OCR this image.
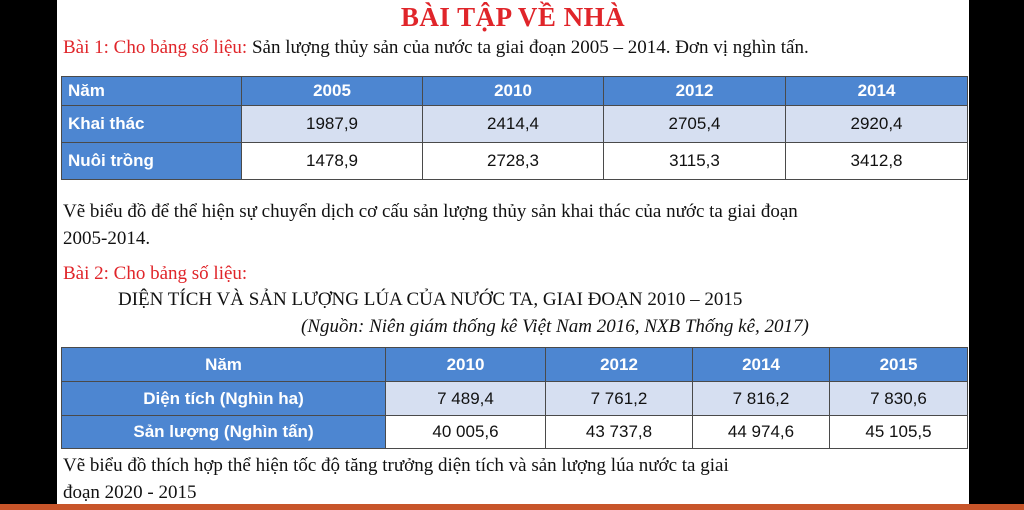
BÀI TẬP VỀ NHÀ
Bài 1: Cho bảng số liệu: Sản lượng thủy sản của nước ta giai đoạn 2005 – 2014. Đơn vị nghìn tấn.
Năm	2005	2010	2012	2014
Khai thác	1987,9	2414,4	2705,4	2920,4
Nuôi trồng	1478,9	2728,3	3115,3	3412,8
Vẽ biểu đồ để thể hiện sự chuyển dịch cơ cấu sản lượng thủy sản khai thác của nước ta giai đoạn
2005-2014.
Bài 2: Cho bảng số liệu:
DIỆN TÍCH VÀ SẢN LƯỢNG LÚA CỦA NƯỚC TA, GIAI ĐOẠN 2010 – 2015
(Nguồn: Niên giám thống kê Việt Nam 2016, NXB Thống kê, 2017)
Năm	2010	2012	2014	2015
Diện tích (Nghìn ha)	7 489,4	7 761,2	7 816,2	7 830,6
Sản lượng (Nghìn tấn)	40 005,6	43 737,8	44 974,6	45 105,5
Vẽ biểu đồ thích hợp thể hiện tốc độ tăng trưởng diện tích và sản lượng lúa nước ta giai
đoạn 2020 - 2015
